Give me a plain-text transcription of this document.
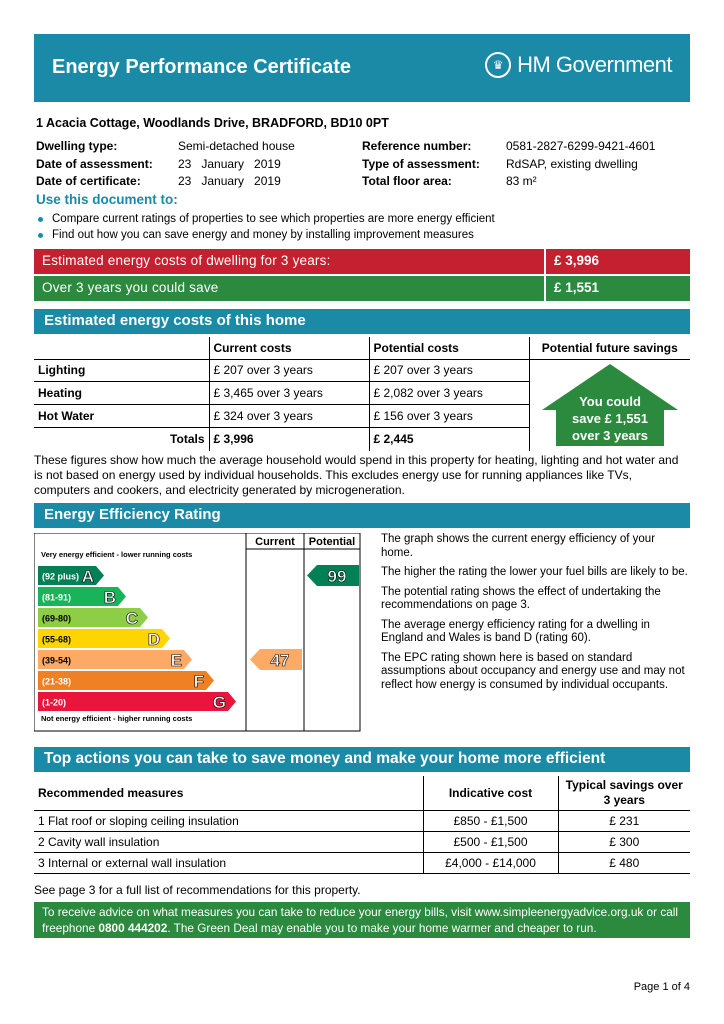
Energy Performance Certificate	♛ HM Government
1 Acacia Cottage, Woodlands Drive, BRADFORD, BD10 0PT
Dwelling type:	Semi-detached house
Date of assessment:	23   January   2019
Date of certificate:	23   January   2019
Reference number:	0581-2827-6299-9421-4601
Type of assessment:	RdSAP, existing dwelling
Total floor area:	83 m²
Use this document to:
Compare current ratings of properties to see which properties are more energy efficient
Find out how you can save energy and money by installing improvement measures
Estimated energy costs of dwelling for 3 years:	£ 3,996
Over 3 years you could save	£ 1,551
Estimated energy costs of this home
	Current costs	Potential costs	Potential future savings
Lighting	£ 207 over 3 years	£ 207 over 3 years	You could
save £ 1,551
over 3 years

Heating	£ 3,465 over 3 years	£ 2,082 over 3 years	
Hot Water	£ 324 over 3 years	£ 156 over 3 years	
Totals	£ 3,996	£ 2,445	
These figures show how much the average household would spend in this property for heating, lighting and hot water and is not based on energy used by individual households. This excludes energy use for running appliances like TVs, computers and cookers, and electricity generated by microgeneration.
Energy Efficiency Rating
Current Potential
Very energy efficient - lower running costs
Not energy efficient - higher running costs
(92 plus) A
(81-91) B
(69-80)	C
(55-68)	D
(39-54)	E
(21-38)	F
(1-20)	G
47
99

The graph shows the current energy efficiency of your home.

The higher the rating the lower your fuel bills are likely to be.

The potential rating shows the effect of undertaking the recommendations on page 3.

The average energy efficiency rating for a dwelling in England and Wales is band D (rating 60).

The EPC rating shown here is based on standard assumptions about occupancy and energy use and may not reflect how energy is consumed by individual occupants.

Top actions you can take to save money and make your home more efficient
Recommended measures	Indicative cost	Typical savings over 3 years
1 Flat roof or sloping ceiling insulation	£850 - £1,500	£ 231
2 Cavity wall insulation	£500 - £1,500	£ 300
3 Internal or external wall insulation	£4,000 - £14,000	£ 480
See page 3 for a full list of recommendations for this property.
To receive advice on what measures you can take to reduce your energy bills, visit www.simpleenergyadvice.org.uk or call freephone 0800 444202. The Green Deal may enable you to make your home warmer and cheaper to run.
Page 1 of 4
